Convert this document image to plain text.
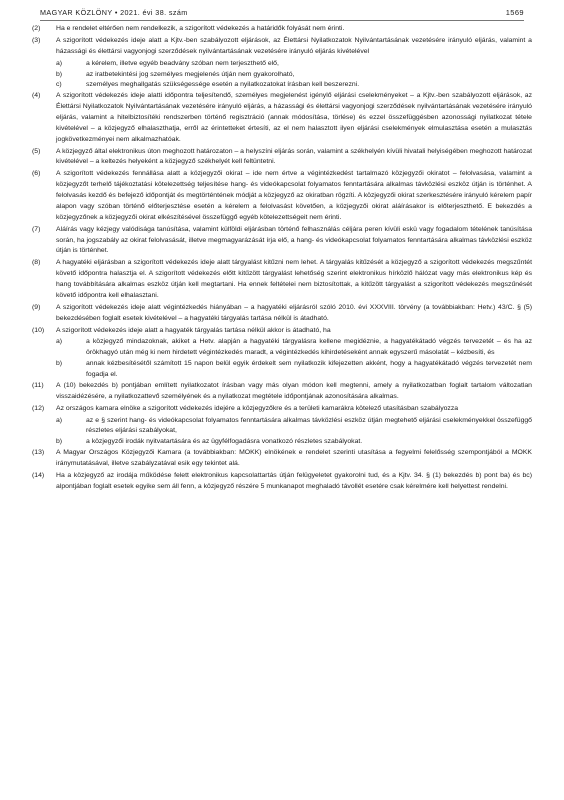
MAGYAR KÖZLÖNY • 2021. évi 38. szám	1569
(2)	Ha e rendelet eltérően nem rendelkezik, a szigorított védekezés a határidők folyását nem érinti.
(3)	A szigorított védekezés ideje alatt a Kjtv.-ben szabályozott eljárások, az Élettársi Nyilatkozatok Nyilvántartásának vezetésére irányuló eljárás, valamint a házassági és élettársi vagyonjogi szerződések nyilvántartásának vezetésére irányuló eljárás kivételével
a)	a kérelem, illetve egyéb beadvány szóban nem terjeszthető elő,
b)	az iratbetekintési jog személyes megjelenés útján nem gyakorolható,
c)	személyes meghallgatás szükségessége esetén a nyilatkozatokat írásban kell beszerezni.
(4)	A szigorított védekezés ideje alatti időpontra teljesítendő, személyes megjelenést igénylő eljárási cselekményeket – a Kjtv.-ben szabályozott eljárások, az Élettársi Nyilatkozatok Nyilvántartásának vezetésére irányuló eljárás, a házassági és élettársi vagyonjogi szerződések nyilvántartásának vezetésére irányuló eljárás, valamint a hitelbiztosítéki rendszerben történő regisztráció (annak módosítása, törlése) és ezzel összefüggésben azonossági nyilatkozat tétele kivételével – a közjegyző elhalaszthatja, erről az érintetteket értesíti, az el nem halasztott ilyen eljárási cselekmények elmulasztása esetén a mulasztás jogkövetkezményei nem alkalmazhatóak.
(5)	A közjegyző által elektronikus úton meghozott határozaton – a helyszíni eljárás során, valamint a székhelyén kívüli hivatali helyiségében meghozott határozat kivételével – a keltezés helyeként a közjegyző székhelyét kell feltüntetni.
(6)	A szigorított védekezés fennállása alatt a közjegyzői okirat – ide nem értve a végintézkedést tartalmazó közjegyzői okiratot – felolvasása, valamint a közjegyzőt terhelő tájékoztatási kötelezettség teljesítése hang- és videókapcsolat folyamatos fenntartására alkalmas távközlési eszköz útján is történhet. A felolvasás kezdő és befejező időpontját és megtörténtének módját a közjegyző az okiratban rögzíti. A közjegyzői okirat szerkesztésére irányuló kérelem papír alapon vagy szóban történő előterjesztése esetén a kérelem a felolvasást követően, a közjegyzői okirat aláírásakor is előterjeszthető. E bekezdés a közjegyzőnek a közjegyzői okirat elkészítésével összefüggő egyéb kötelezettségeit nem érinti.
(7)	Aláírás vagy kézjegy valódisága tanúsítása, valamint külföldi eljárásban történő felhasználás céljára peren kívüli eskü vagy fogadalom tételének tanúsítása során, ha jogszabály az okirat felolvasását, illetve megmagyarázását írja elő, a hang- és videókapcsolat folyamatos fenntartására alkalmas távközlési eszköz útján is történhet.
(8)	A hagyatéki eljárásban a szigorított védekezés ideje alatt tárgyalást kitűzni nem lehet. A tárgyalás kitűzését a közjegyző a szigorított védekezés megszűntét követő időpontra halasztja el. A szigorított védekezés előtt kitűzött tárgyalást lehetőség szerint elektronikus hírközlő hálózat vagy más elektronikus kép és hang továbbítására alkalmas eszköz útján kell megtartani. Ha ennek feltételei nem biztosítottak, a kitűzött tárgyalást a szigorított védekezés megszűnését követő időpontra kell elhalasztani.
(9)	A szigorított védekezés ideje alatt végintézkedés hiányában – a hagyatéki eljárásról szóló 2010. évi XXXVIII. törvény (a továbbiakban: Hetv.) 43/C. § (5) bekezdésében foglalt esetek kivételével – a hagyatéki tárgyalás tartása nélkül is átadható.
(10)	A szigorított védekezés ideje alatt a hagyaték tárgyalás tartása nélkül akkor is átadható, ha
a)	a közjegyző mindazoknak, akiket a Hetv. alapján a hagyatéki tárgyalásra kellene megidéznie, a hagyatékátadó végzés tervezetét – és ha az örökhagyó után még ki nem hirdetett végintézkedés maradt, a végintézkedés kihirdetéseként annak egyszerű másolatát – kézbesíti, és
b)	annak kézbesítésétől számított 15 napon belül egyik érdekelt sem nyilatkozik kifejezetten akként, hogy a hagyatékátadó végzés tervezetét nem fogadja el.
(11)	A (10) bekezdés b) pontjában említett nyilatkozatot írásban vagy más olyan módon kell megtenni, amely a nyilatkozatban foglalt tartalom változatlan visszaidézésére, a nyilatkozattevő személyének és a nyilatkozat megtétele időpontjának azonosítására alkalmas.
(12)	Az országos kamara elnöke a szigorított védekezés idejére a közjegyzőkre és a területi kamarákra kötelező utasításban szabályozza
a)	az e § szerint hang- és videókapcsolat folyamatos fenntartására alkalmas távközlési eszköz útján megtehető eljárási cselekményekkel összefüggő részletes eljárási szabályokat,
b)	a közjegyzői irodák nyitvatartására és az ügyfélfogadásra vonatkozó részletes szabályokat.
(13)	A Magyar Országos Közjegyzői Kamara (a továbbiakban: MOKK) elnökének e rendelet szerinti utasítása a fegyelmi felelősség szempontjából a MOKK iránymutatásával, illetve szabályzatával esik egy tekintet alá.
(14)	Ha a közjegyző az irodája működése felett elektronikus kapcsolattartás útján felügyeletet gyakorolni tud, és a Kjtv. 34. § (1) bekezdés b) pont ba) és bc) alpontjában foglalt esetek egyike sem áll fenn, a közjegyző részére 5 munkanapot meghaladó távollét esetére csak kérelmére kell helyettest rendelni.
